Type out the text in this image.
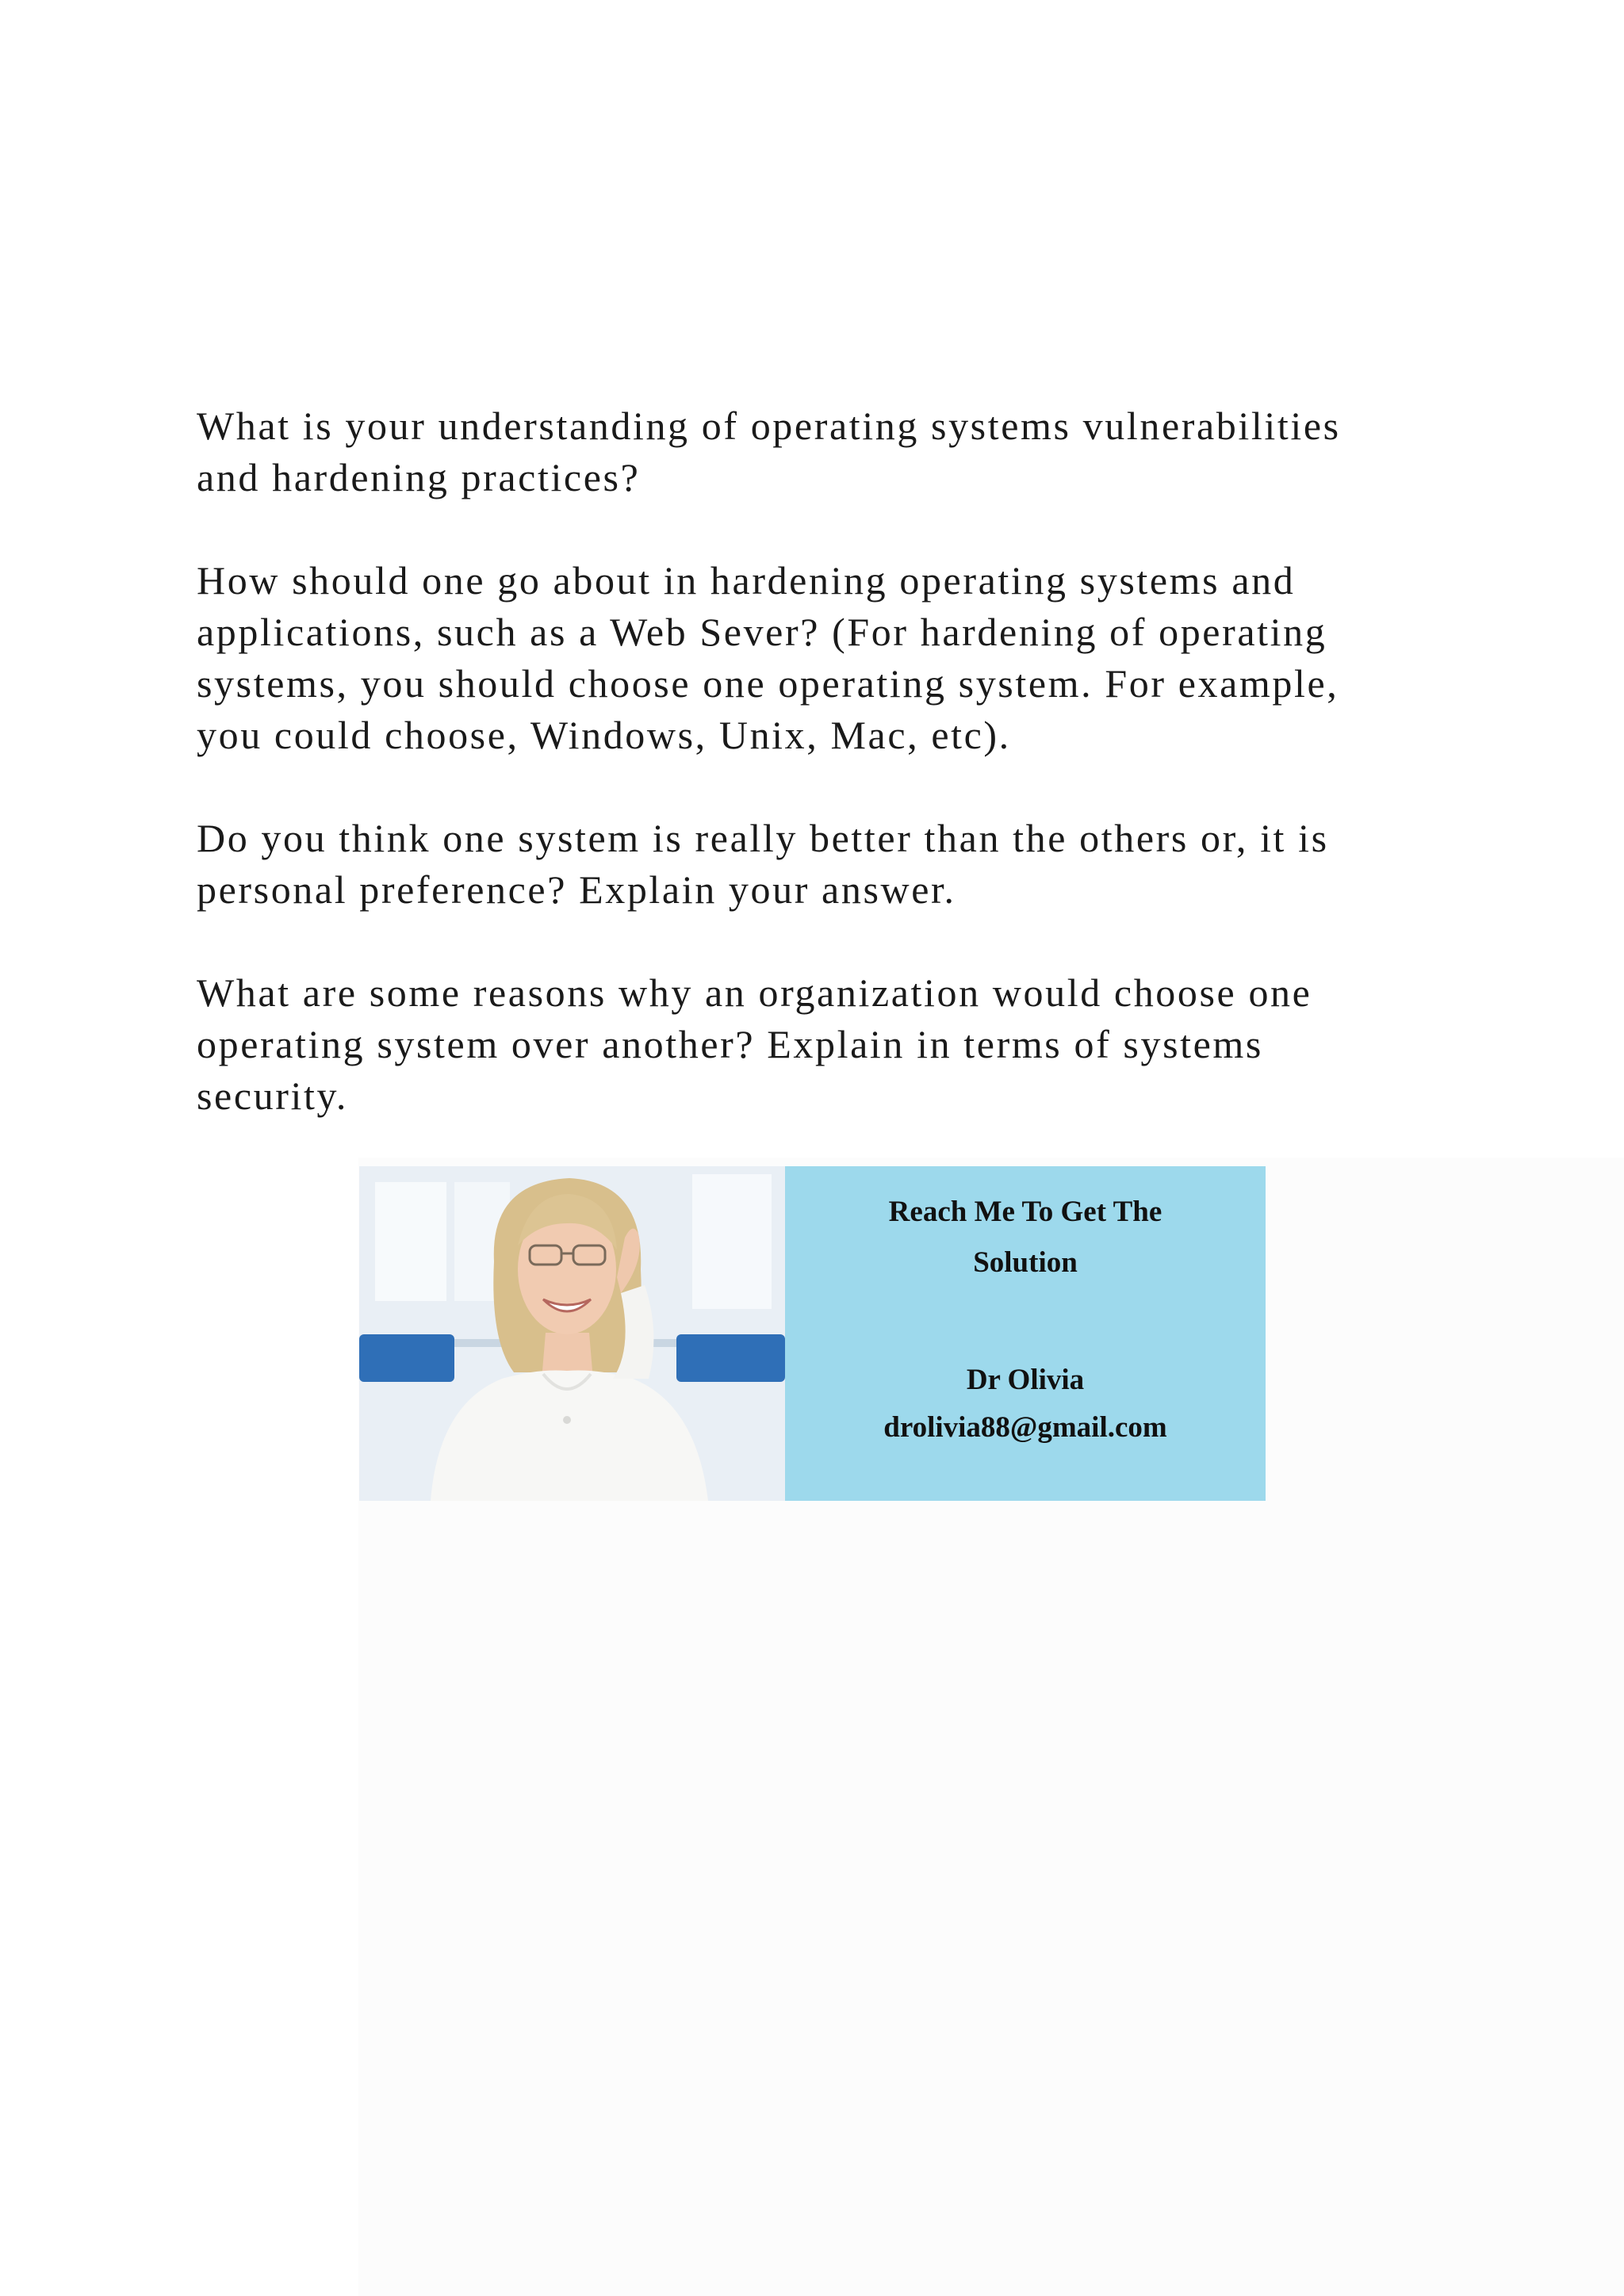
What is your understanding of operating systems vulnerabilities
and hardening practices?

How should one go about in hardening operating systems and
applications, such as a Web Sever? (For hardening of operating
systems, you should choose one operating system. For example,
you could choose, Windows, Unix, Mac, etc).

Do you think one system is really better than the others or, it is
personal preference? Explain your answer.

What are some reasons why an organization would choose one
operating system over another? Explain in terms of systems
security.

Reach Me To Get The
Solution
Dr Olivia
drolivia88@gmail.com
